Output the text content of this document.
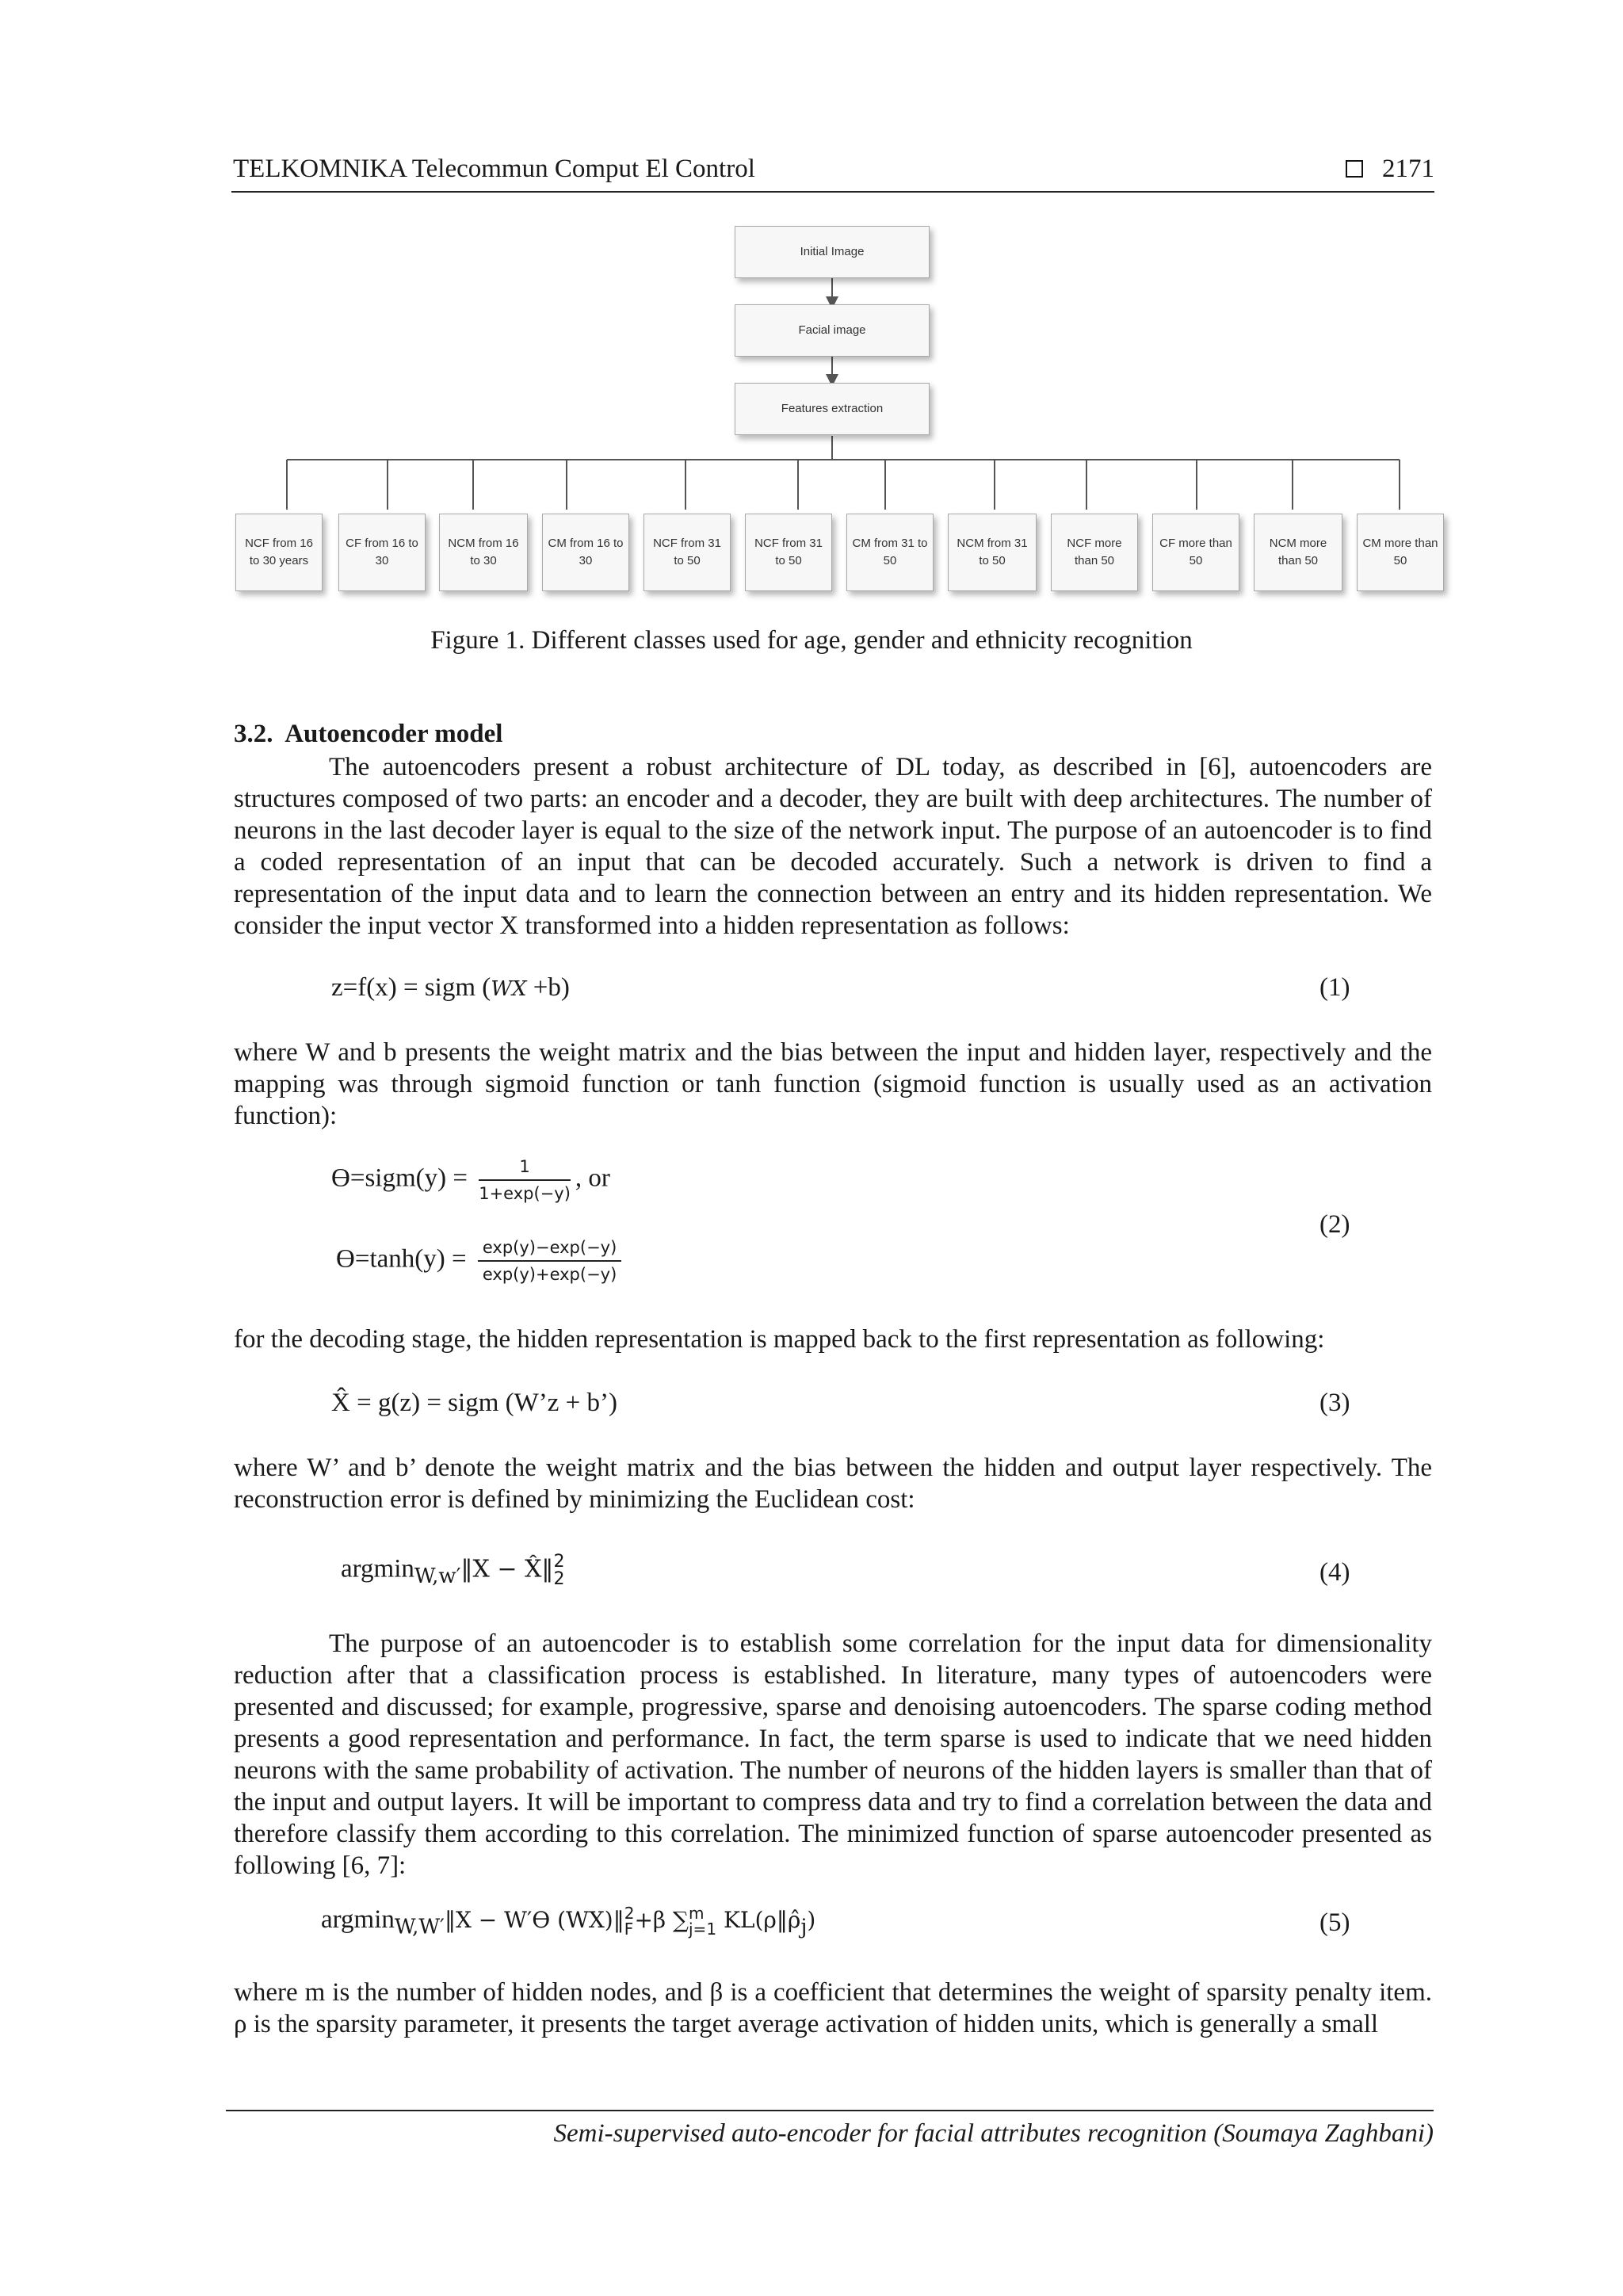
TELKOMNIKA Telecommun Comput El Control	2171
Initial Image
Facial image
Features extraction
NCF from 16 to 30 years
CF from 16 to 30
NCM from 16 to 30
CM from 16 to 30
NCF from 31 to 50
NCF from 31 to 50
CM from 31 to 50
NCM from 31 to 50
NCF more than 50
CF more than 50
NCM more than 50
CM more than 50
Figure 1. Different classes used for age, gender and ethnicity recognition
3.2. Autoencoder model

The autoencoders present a robust architecture of DL today, as described in [6], autoencoders are structures composed of two parts: an encoder and a decoder, they are built with deep architectures. The number of neurons in the last decoder layer is equal to the size of the network input. The purpose of an autoencoder is to find a coded representation of an input that can be decoded accurately. Such a network is driven to find a representation of the input data and to learn the connection between an entry and its hidden representation. We consider the input vector X transformed into a hidden representation as follows:

z=f(x) = sigm (WX +b)	(1)

where W and b presents the weight matrix and the bias between the input and hidden layer, respectively and the mapping was through sigmoid function or tanh function (sigmoid function is usually used as an activation function):

ϴ=sigm(y) = $\frac{1}{1+\exp(-y)}$ , or
$ϴ=\tanh(y) = \frac{\exp(y)-\exp(-y)}{\exp(y)+\exp(-y)}$
(2)

for the decoding stage, the hidden representation is mapped back to the first representation as following:

X̂ = g(z) = sigm (W’z + b’)	(3)

where W’ and b’ denote the weight matrix and the bias between the hidden and output layer respectively. The reconstruction error is defined by minimizing the Euclidean cost:

argmin$_{W,w'}$‖X − X̂‖ 2
2	(4)

The purpose of an autoencoder is to establish some correlation for the input data for dimensionality reduction after that a classification process is established. In literature, many types of autoencoders were presented and discussed; for example, progressive, sparse and denoising autoencoders. The sparse coding method presents a good representation and performance. In fact, the term sparse is used to indicate that we need hidden neurons with the same probability of activation. The number of neurons of the hidden layers is smaller than that of the input and output layers. It will be important to compress data and try to find a correlation between the data and therefore classify them according to this correlation. The minimized function of sparse autoencoder presented as following [6, 7]:

argmin$_{W,W'}$‖X − W′ϴ (WX)‖ 2
F +β ∑ m
j=1 $KL(\rho‖\rhô_j)$	(5)

where m is the number of hidden nodes, and β is a coefficient that determines the weight of sparsity penalty item. ρ is the sparsity parameter, it presents the target average activation of hidden units, which is generally a small

Semi-supervised auto-encoder for facial attributes recognition (Soumaya Zaghbani)
